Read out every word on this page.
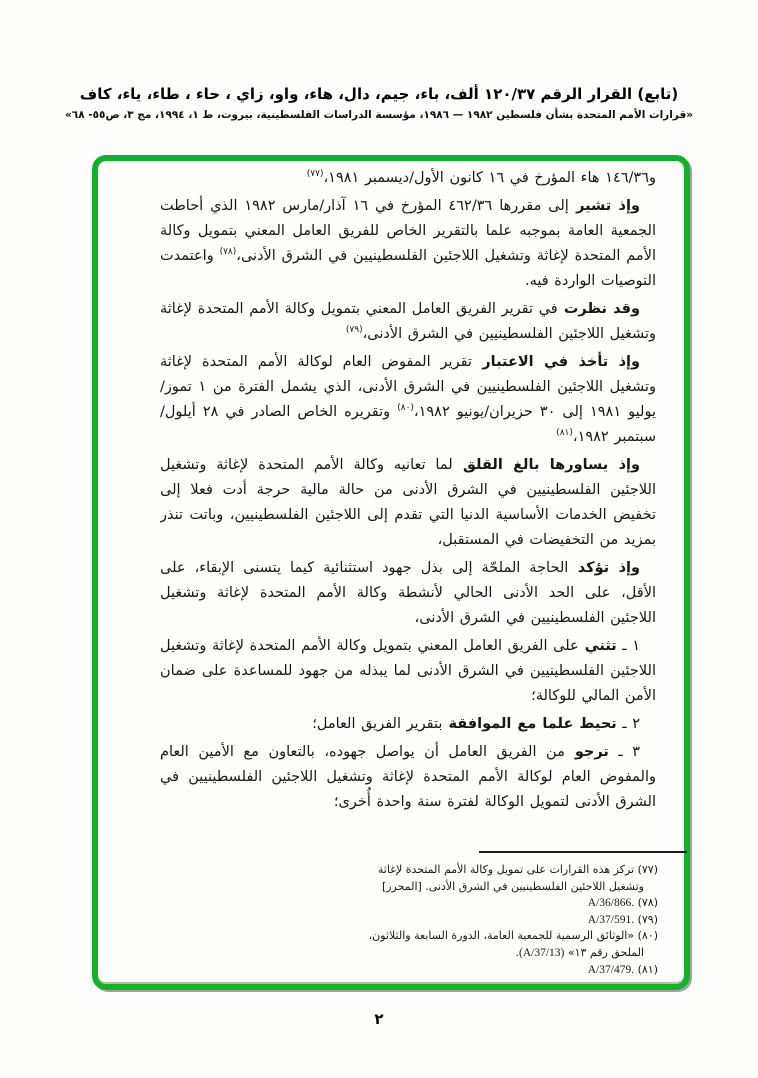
(تابع) القرار الرقم ١٢٠/٣٧ ألف، باء، جيم، دال، هاء، واو، زاي ، حاء ، طاء، ياء، كاف
«قرارات الأمم المتحدة بشأن فلسطين ١٩٨٢ — ١٩٨٦، مؤسسة الدراسات الفلسطينية، بيروت، ط ١، ١٩٩٤، مج ٣، ص٥٥- ٦٨»

و١٤٦/٣٦ هاء المؤرخ في ١٦ كانون الأول/ديسمبر ١٩٨١،$^{(٧٧)}$

وإذ تشير إلى مقررها ٤٦٢/٣٦ المؤرخ في ١٦ آذار/مارس ١٩٨٢ الذي أحاطت الجمعية العامة بموجبه علما بالتقرير الخاص للفريق العامل المعني بتمويل وكالة الأمم المتحدة لإغاثة وتشغيل اللاجئين الفلسطينيين في الشرق الأدنى،$^{(٧٨)}$ واعتمدت التوصيات الواردة فيه.

وقد نظرت في تقرير الفريق العامل المعني بتمويل وكالة الأمم المتحدة لإغاثة وتشغيل اللاجئين الفلسطينيين في الشرق الأدنى،$^{(٧٩)}$

وإذ تأخذ في الاعتبار تقرير المفوض العام لوكالة الأمم المتحدة لإغاثة وتشغيل اللاجئين الفلسطينيين في الشرق الأدنى، الذي يشمل الفترة من ١ تموز/يوليو ١٩٨١ إلى ٣٠ حزيران/يونيو ١٩٨٢،$^{(٨٠)}$ وتقريره الخاص الصادر في ٢٨ أيلول/سبتمبر ١٩٨٢،$^{(٨١)}$

وإذ يساورها بالغ القلق لما تعانيه وكالة الأمم المتحدة لإغاثة وتشغيل اللاجئين الفلسطينيين في الشرق الأدنى من حالة مالية حرجة أدت فعلا إلى تخفيض الخدمات الأساسية الدنيا التي تقدم إلى اللاجئين الفلسطينيين، وباتت تنذر بمزيد من التخفيضات في المستقبل،

وإذ تؤكد الحاجة الملحّة إلى بذل جهود استثنائية كيما يتسنى الإبقاء، على الأقل، على الحد الأدنى الحالي لأنشطة وكالة الأمم المتحدة لإغاثة وتشغيل اللاجئين الفلسطينيين في الشرق الأدنى،

١ ـ تثني على الفريق العامل المعني بتمويل وكالة الأمم المتحدة لإغاثة وتشغيل اللاجئين الفلسطينيين في الشرق الأدنى لما يبذله من جهود للمساعدة على ضمان الأمن المالي للوكالة؛

٢ ـ تحيط علما مع الموافقة بتقرير الفريق العامل؛

٣ ـ ترجو من الفريق العامل أن يواصل جهوده، بالتعاون مع الأمين العام والمفوض العام لوكالة الأمم المتحدة لإغاثة وتشغيل اللاجئين الفلسطينيين في الشرق الأدنى لتمويل الوكالة لفترة سنة واحدة أُخرى؛

(٧٧) تركز هذه القرارات على تمويل وكالة الأمم المتحدة لإغاثة وتشغيل اللاجئين الفلسطينيين في الشرق الأدنى. [المحرر]

(٧٨) A/36/866.

(٧٩) A/37/591.

(٨٠) «الوثائق الرسمية للجمعية العامة، الدورة السابعة والثلاثون، الملحق رقم ١٣» (A/37/13).

(٨١) A/37/479.

٢
